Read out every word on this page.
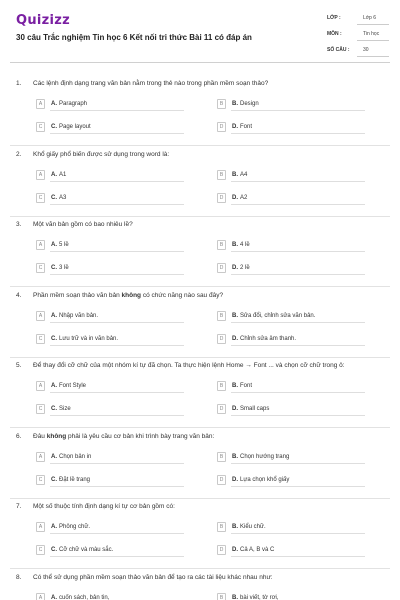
Quizizz
30 câu Trắc nghiệm Tin học 6 Kết nối tri thức Bài 11 có đáp án
LỚP :	Lớp 6
MÔN :	Tin học
SỐ CÂU :	30
1. Các lệnh định dạng trang văn bản nằm trong thẻ nào trong phần mềm soạn thảo?
A	A. Paragraph	B	B. Design
C	C. Page layout	D	D. Font
2. Khổ giấy phổ biến được sử dụng trong word là:
A	A. A1	B	B. A4
C	C. A3	D	D. A2
3. Một văn bản gồm có bao nhiêu lề?
A	A. 5 lề	B	B. 4 lề
C	C. 3 lề	D	D. 2 lề
4. Phần mềm soạn thảo văn bản không có chức năng nào sau đây?
A	A. Nhập văn bản.	B	B. Sửa đổi, chỉnh sửa văn bản.
C	C. Lưu trữ và in văn bản.	D	D. Chỉnh sửa âm thanh.
5. Để thay đổi cỡ chữ của một nhóm kí tự đã chọn. Ta thực hiện lệnh Home → Font ... và chọn cỡ chữ trong ô:
A	A. Font Style	B	B. Font
C	C. Size	D	D. Small caps
6. Đâu không phải là yêu cầu cơ bản khi trình bày trang văn bản:
A	A. Chọn bản in	B	B. Chọn hướng trang
C	C. Đặt lề trang	D	D. Lựa chọn khổ giấy
7. Một số thuộc tính định dạng kí tự cơ bản gồm có:
A	A. Phông chữ.	B	B. Kiểu chữ.
C	C. Cỡ chữ và màu sắc.	D	D. Cả A, B và C
8. Có thể sử dụng phần mềm soạn thảo văn bản để tạo ra các tài liệu khác nhau như:
A	A. cuốn sách, bản tin,	B	B. bài viết, tờ rơi,
